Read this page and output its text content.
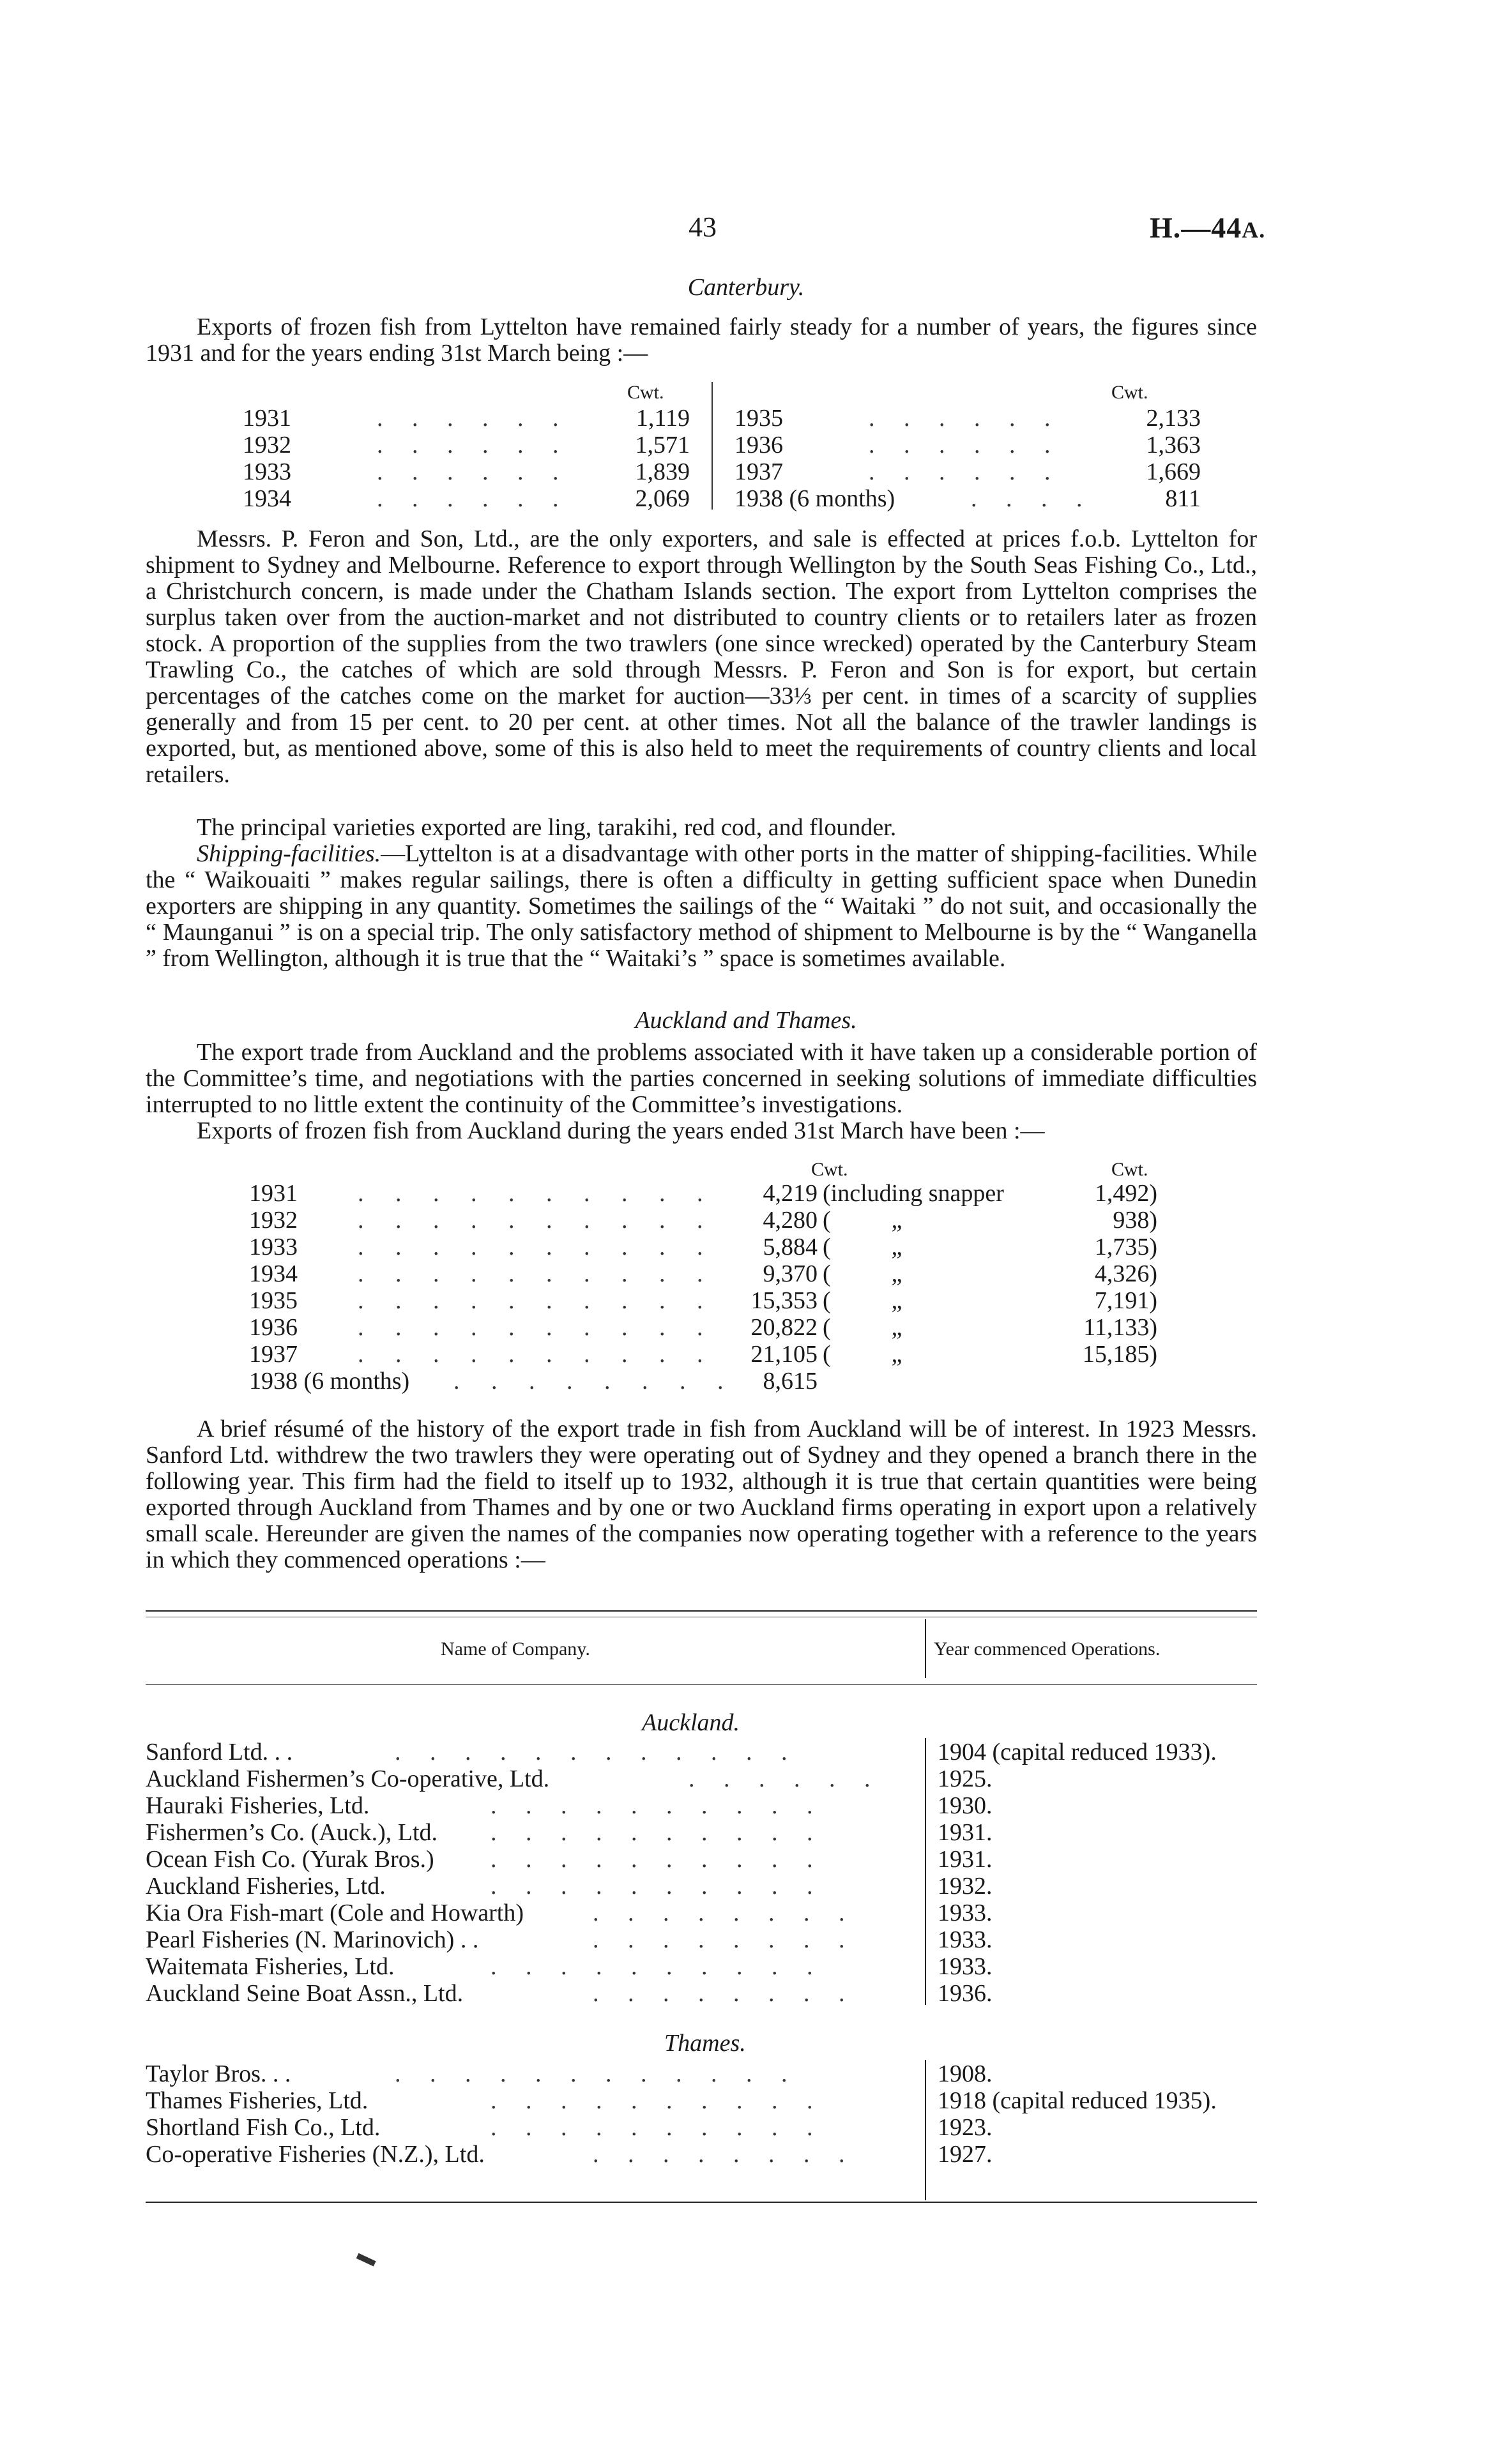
43	H.—44A.
Canterbury.

Exports of frozen fish from Lyttelton have remained fairly steady for a number of years, the figures since 1931 and for the years ending 31st March being :—

Cwt.	Cwt.
1931	. . . . . .	1,119
1932	. . . . . .	1,571
1933	. . . . . .	1,839
1934	. . . . . .	2,069
1935	. . . . . .	2,133
1936	. . . . . .	1,363
1937	. . . . . .	1,669
1938 (6 months)	. . . .	811

Messrs. P. Feron and Son, Ltd., are the only exporters, and sale is effected at prices f.o.b. Lyttelton for shipment to Sydney and Melbourne. Reference to export through Wellington by the South Seas Fishing Co., Ltd., a Christchurch concern, is made under the Chatham Islands section. The export from Lyttelton comprises the surplus taken over from the auction-market and not distributed to country clients or to retailers later as frozen stock. A proportion of the supplies from the two trawlers (one since wrecked) operated by the Canterbury Steam Trawling Co., the catches of which are sold through Messrs. P. Feron and Son is for export, but certain percentages of the catches come on the market for auction—33⅓ per cent. in times of a scarcity of supplies generally and from 15 per cent. to 20 per cent. at other times. Not all the balance of the trawler landings is exported, but, as mentioned above, some of this is also held to meet the requirements of country clients and local retailers.

The principal varieties exported are ling, tarakihi, red cod, and flounder.

Shipping-facilities.—Lyttelton is at a disadvantage with other ports in the matter of shipping-facilities. While the “ Waikouaiti ” makes regular sailings, there is often a difficulty in getting sufficient space when Dunedin exporters are shipping in any quantity. Sometimes the sailings of the “ Waitaki ” do not suit, and occasionally the “ Maunganui ” is on a special trip. The only satisfactory method of shipment to Melbourne is by the “ Wanganella ” from Wellington, although it is true that the “ Waitaki’s ” space is sometimes available.

Auckland and Thames.

The export trade from Auckland and the problems associated with it have taken up a considerable portion of the Committee’s time, and negotiations with the parties concerned in seeking solutions of immediate difficulties interrupted to no little extent the continuity of the Committee’s investigations.

Exports of frozen fish from Auckland during the years ended 31st March have been :—

Cwt.	Cwt.
1931 . . . . . . . . . .	4,219 (including snapper	1,492)
1932 . . . . . . . . . .	4,280 (          „	938)
1933 . . . . . . . . . .	5,884 (          „	1,735)
1934 . . . . . . . . . .	9,370 (          „	4,326)
1935 . . . . . . . . . .	15,353 (          „	7,191)
1936 . . . . . . . . . .	20,822 (          „	11,133)
1937 . . . . . . . . . .	21,105 (          „	15,185)
1938 (6 months) . . . . . . . .	8,615

A brief résumé of the history of the export trade in fish from Auckland will be of interest. In 1923 Messrs. Sanford Ltd. withdrew the two trawlers they were operating out of Sydney and they opened a branch there in the following year. This firm had the field to itself up to 1932, although it is true that certain quantities were being exported through Auckland from Thames and by one or two Auckland firms operating in export upon a relatively small scale. Hereunder are given the names of the companies now operating together with a reference to the years in which they commenced operations :—

Name of Company.	Year commenced Operations.
Auckland.
Sanford Ltd. . .	. . . . . . . . . . . .	1904 (capital reduced 1933).
Auckland Fishermen’s Co-operative, Ltd.	. . . . . . 1925.
Hauraki Fisheries, Ltd.	. . . . . . . . . .	1930.
Fishermen’s Co. (Auck.), Ltd. . . . . . . . . . .	1931.
Ocean Fish Co. (Yurak Bros.) . . . . . . . . . .	1931.
Auckland Fisheries, Ltd.	. . . . . . . . . .	1932.
Kia Ora Fish-mart (Cole and Howarth)	. . . . . . . .	1933.
Pearl Fisheries (N. Marinovich) . .	. . . . . . . .	1933.
Waitemata Fisheries, Ltd.	. . . . . . . . . .	1933.
Auckland Seine Boat Assn., Ltd.	. . . . . . . .	1936.
Thames.
Taylor Bros. . .	. . . . . . . . . . . .	1908.
Thames Fisheries, Ltd.	. . . . . . . . . .	1918 (capital reduced 1935).
Shortland Fish Co., Ltd.	. . . . . . . . . .	1923.
Co-operative Fisheries (N.Z.), Ltd.	. . . . . . . .	1927.
▬
